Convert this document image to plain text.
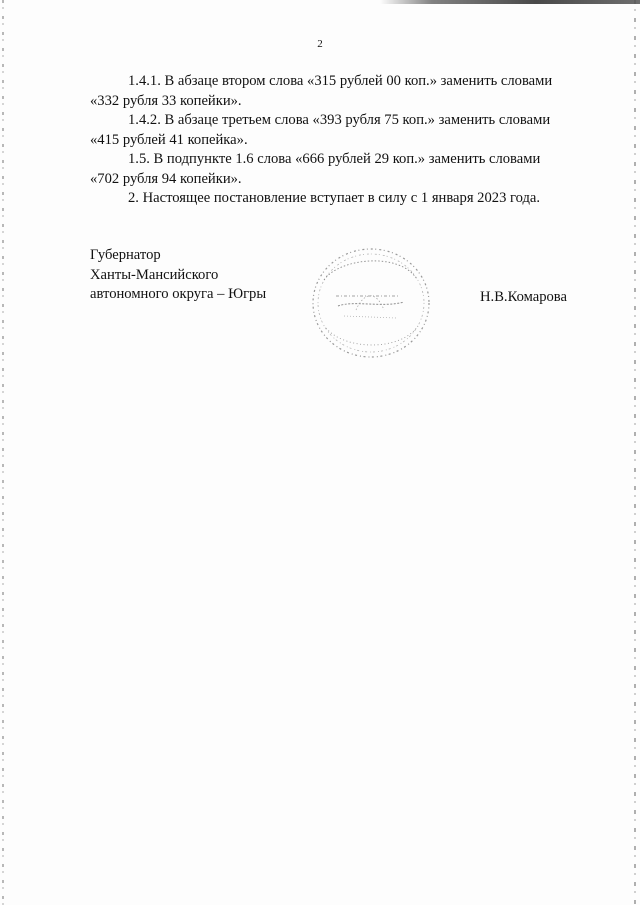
2

1.4.1. В абзаце втором слова «315 рублей 00 коп.» заменить словами

«332 рубля 33 копейки».

1.4.2. В абзаце третьем слова «393 рубля 75 коп.» заменить словами

«415 рублей 41 копейка».

1.5. В подпункте 1.6 слова «666 рублей 29 коп.» заменить словами

«702 рубля 94 копейки».

2. Настоящее постановление вступает в силу с 1 января 2023 года.

Губернатор
Ханты-Мансийского
автономного округа – Югры	Н.В.Комарова
